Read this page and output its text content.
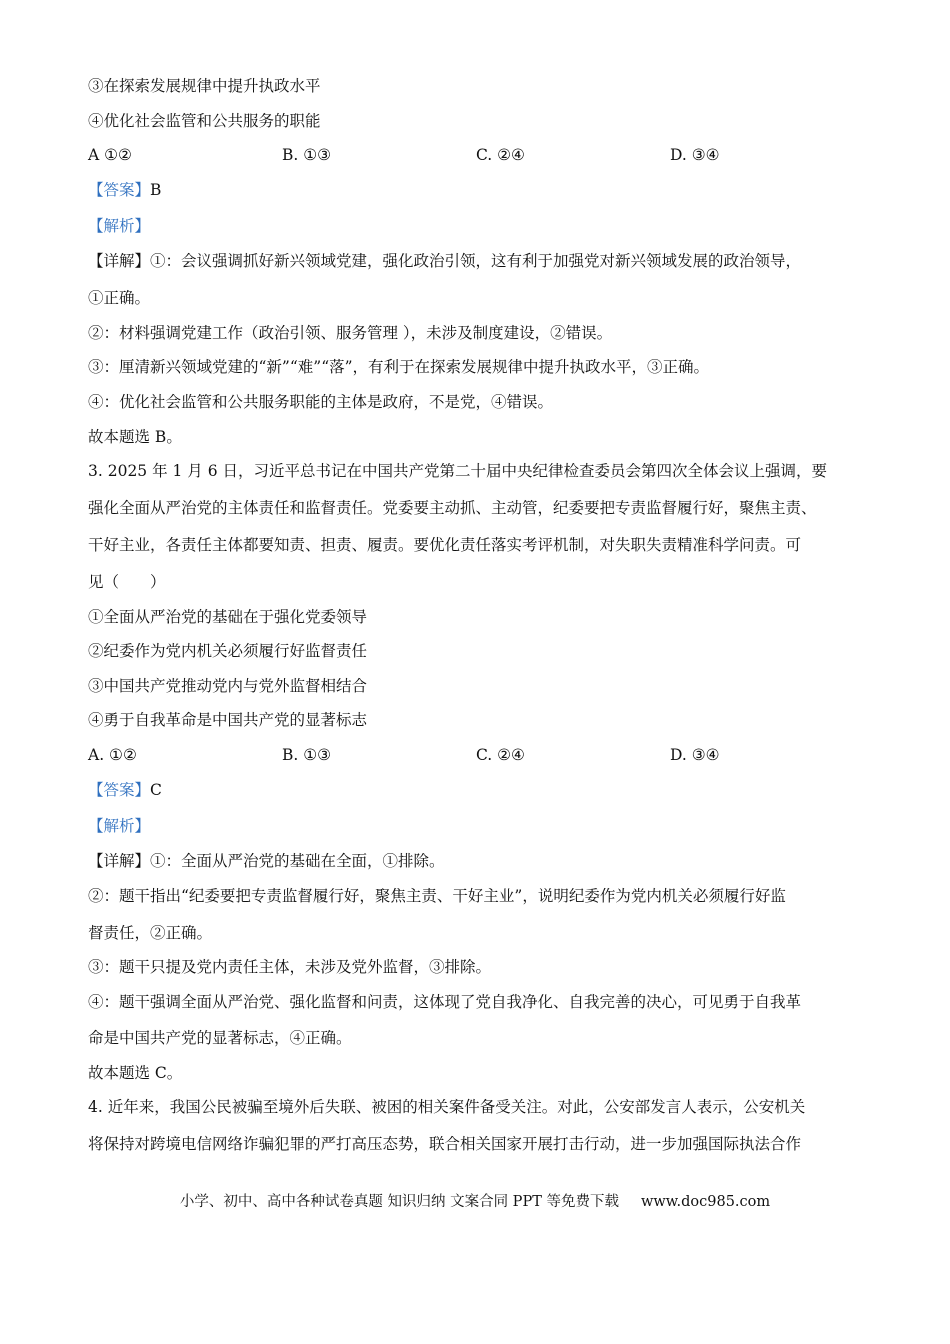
③在探索发展规律中提升执政水平
④优化社会监管和公共服务的职能
A ①②	B. ①③	C. ②④	D. ③④
【答案】B
【解析】
【详解】①：会议强调抓好新兴领域党建，强化政治引领，这有利于加强党对新兴领域发展的政治领导，
①正确。
②：材料强调党建工作（政治引领、服务管理 ），未涉及制度建设，②错误。
③：厘清新兴领域党建的“新”“难”“落”，有利于在探索发展规律中提升执政水平，③正确。
④：优化社会监管和公共服务职能的主体是政府，不是党，④错误。
故本题选 B。
3. 2025 年 1 月 6 日，习近平总书记在中国共产党第二十届中央纪律检查委员会第四次全体会议上强调，要
强化全面从严治党的主体责任和监督责任。党委要主动抓、主动管，纪委要把专责监督履行好，聚焦主责、
干好主业，各责任主体都要知责、担责、履责。要优化责任落实考评机制，对失职失责精准科学问责。可
见（　　）
①全面从严治党的基础在于强化党委领导
②纪委作为党内机关必须履行好监督责任
③中国共产党推动党内与党外监督相结合
④勇于自我革命是中国共产党的显著标志
A. ①②	B. ①③	C. ②④	D. ③④
【答案】C
【解析】
【详解】①：全面从严治党的基础在全面，①排除。
②：题干指出“纪委要把专责监督履行好，聚焦主责、干好主业”，说明纪委作为党内机关必须履行好监
督责任，②正确。
③：题干只提及党内责任主体，未涉及党外监督，③排除。
④：题干强调全面从严治党、强化监督和问责，这体现了党自我净化、自我完善的决心，可见勇于自我革
命是中国共产党的显著标志，④正确。
故本题选 C。
4. 近年来，我国公民被骗至境外后失联、被困的相关案件备受关注。对此，公安部发言人表示，公安机关
将保持对跨境电信网络诈骗犯罪的严打高压态势，联合相关国家开展打击行动，进一步加强国际执法合作
小学、初中、高中各种试卷真题 知识归纳 文案合同 PPT 等免费下载 www.doc985.com
